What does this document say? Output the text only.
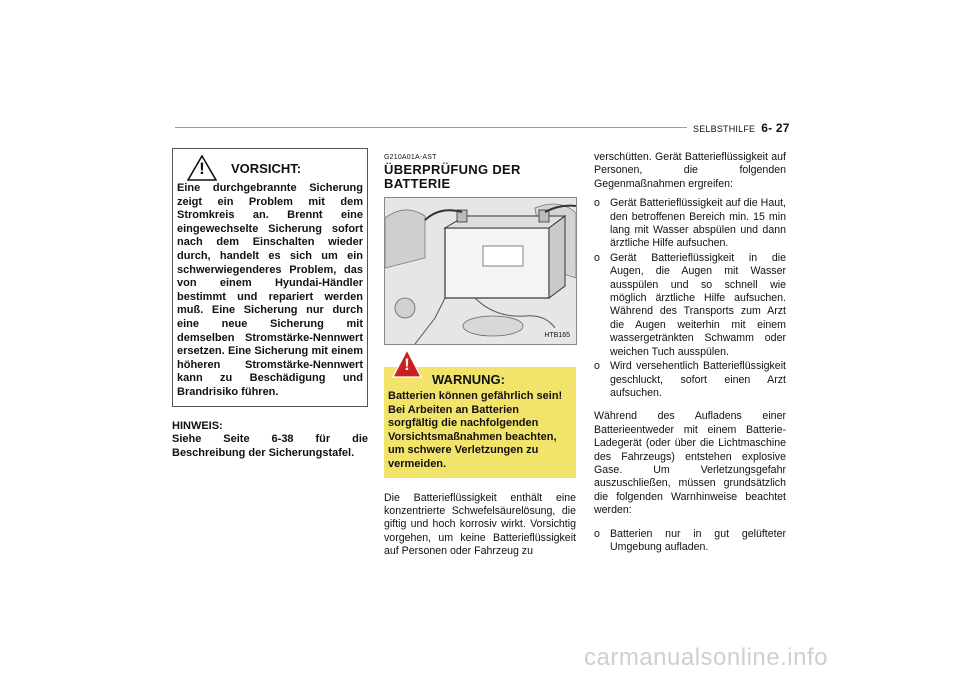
SELBSTHILFE 6- 27
!	VORSICHT:
Eine durchgebrannte Sicherung zeigt ein Problem mit dem Stromkreis an. Brennt eine eingewechselte Sicherung sofort nach dem Einschalten wieder durch, handelt es sich um ein schwerwiegenderes Problem, das von einem Hyundai-Händler bestimmt und repariert werden muß. Eine Sicherung nur durch eine neue Sicherung mit demselben Stromstärke-Nennwert ersetzen. Eine Sicherung mit einem höheren Stromstärke-Nennwert kann zu Beschädigung und Brandrisiko führen.
HINWEIS:
Siehe Seite 6-38 für die Beschreibung der Sicherungstafel.
G210A01A-AST
ÜBERPRÜFUNG DER BATTERIE
HTB165
!
WARNUNG:
Batterien können gefährlich sein! Bei Arbeiten an Batterien sorgfältig die nachfolgenden Vorsichtsmaßnahmen beachten, um schwere Verletzungen zu vermeiden.
Die Batterieflüssigkeit enthält eine konzentrierte Schwefelsäurelösung, die giftig und hoch korrosiv wirkt. Vorsichtig vorgehen, um keine Batterieflüssigkeit auf Personen oder Fahrzeug zu
verschütten. Gerät Batterieflüssigkeit auf Personen, die folgenden Gegenmaßnahmen ergreifen:
o Gerät Batterieflüssigkeit auf die Haut, den betroffenen Bereich min. 15 min lang mit Wasser abspülen und dann ärztliche Hilfe aufsuchen.
o Gerät Batterieflüssigkeit in die Augen, die Augen mit Wasser ausspülen und so schnell wie möglich ärztliche Hilfe aufsuchen. Während des Transports zum Arzt die Augen weiterhin mit einem wassergetränkten Schwamm oder weichen Tuch ausspülen.
o Wird versehentlich Batterieflüssigkeit geschluckt, sofort einen Arzt aufsuchen.
Während des Aufladens einer Batterieentweder mit einem Batterie-Ladegerät (oder über die Lichtmaschine des Fahrzeugs) entstehen explosive Gase. Um Verletzungsgefahr auszuschließen, müssen grundsätzlich die folgenden Warnhinweise beachtet werden:
o Batterien nur in gut gelüfteter Umgebung aufladen.
carmanualsonline.info
